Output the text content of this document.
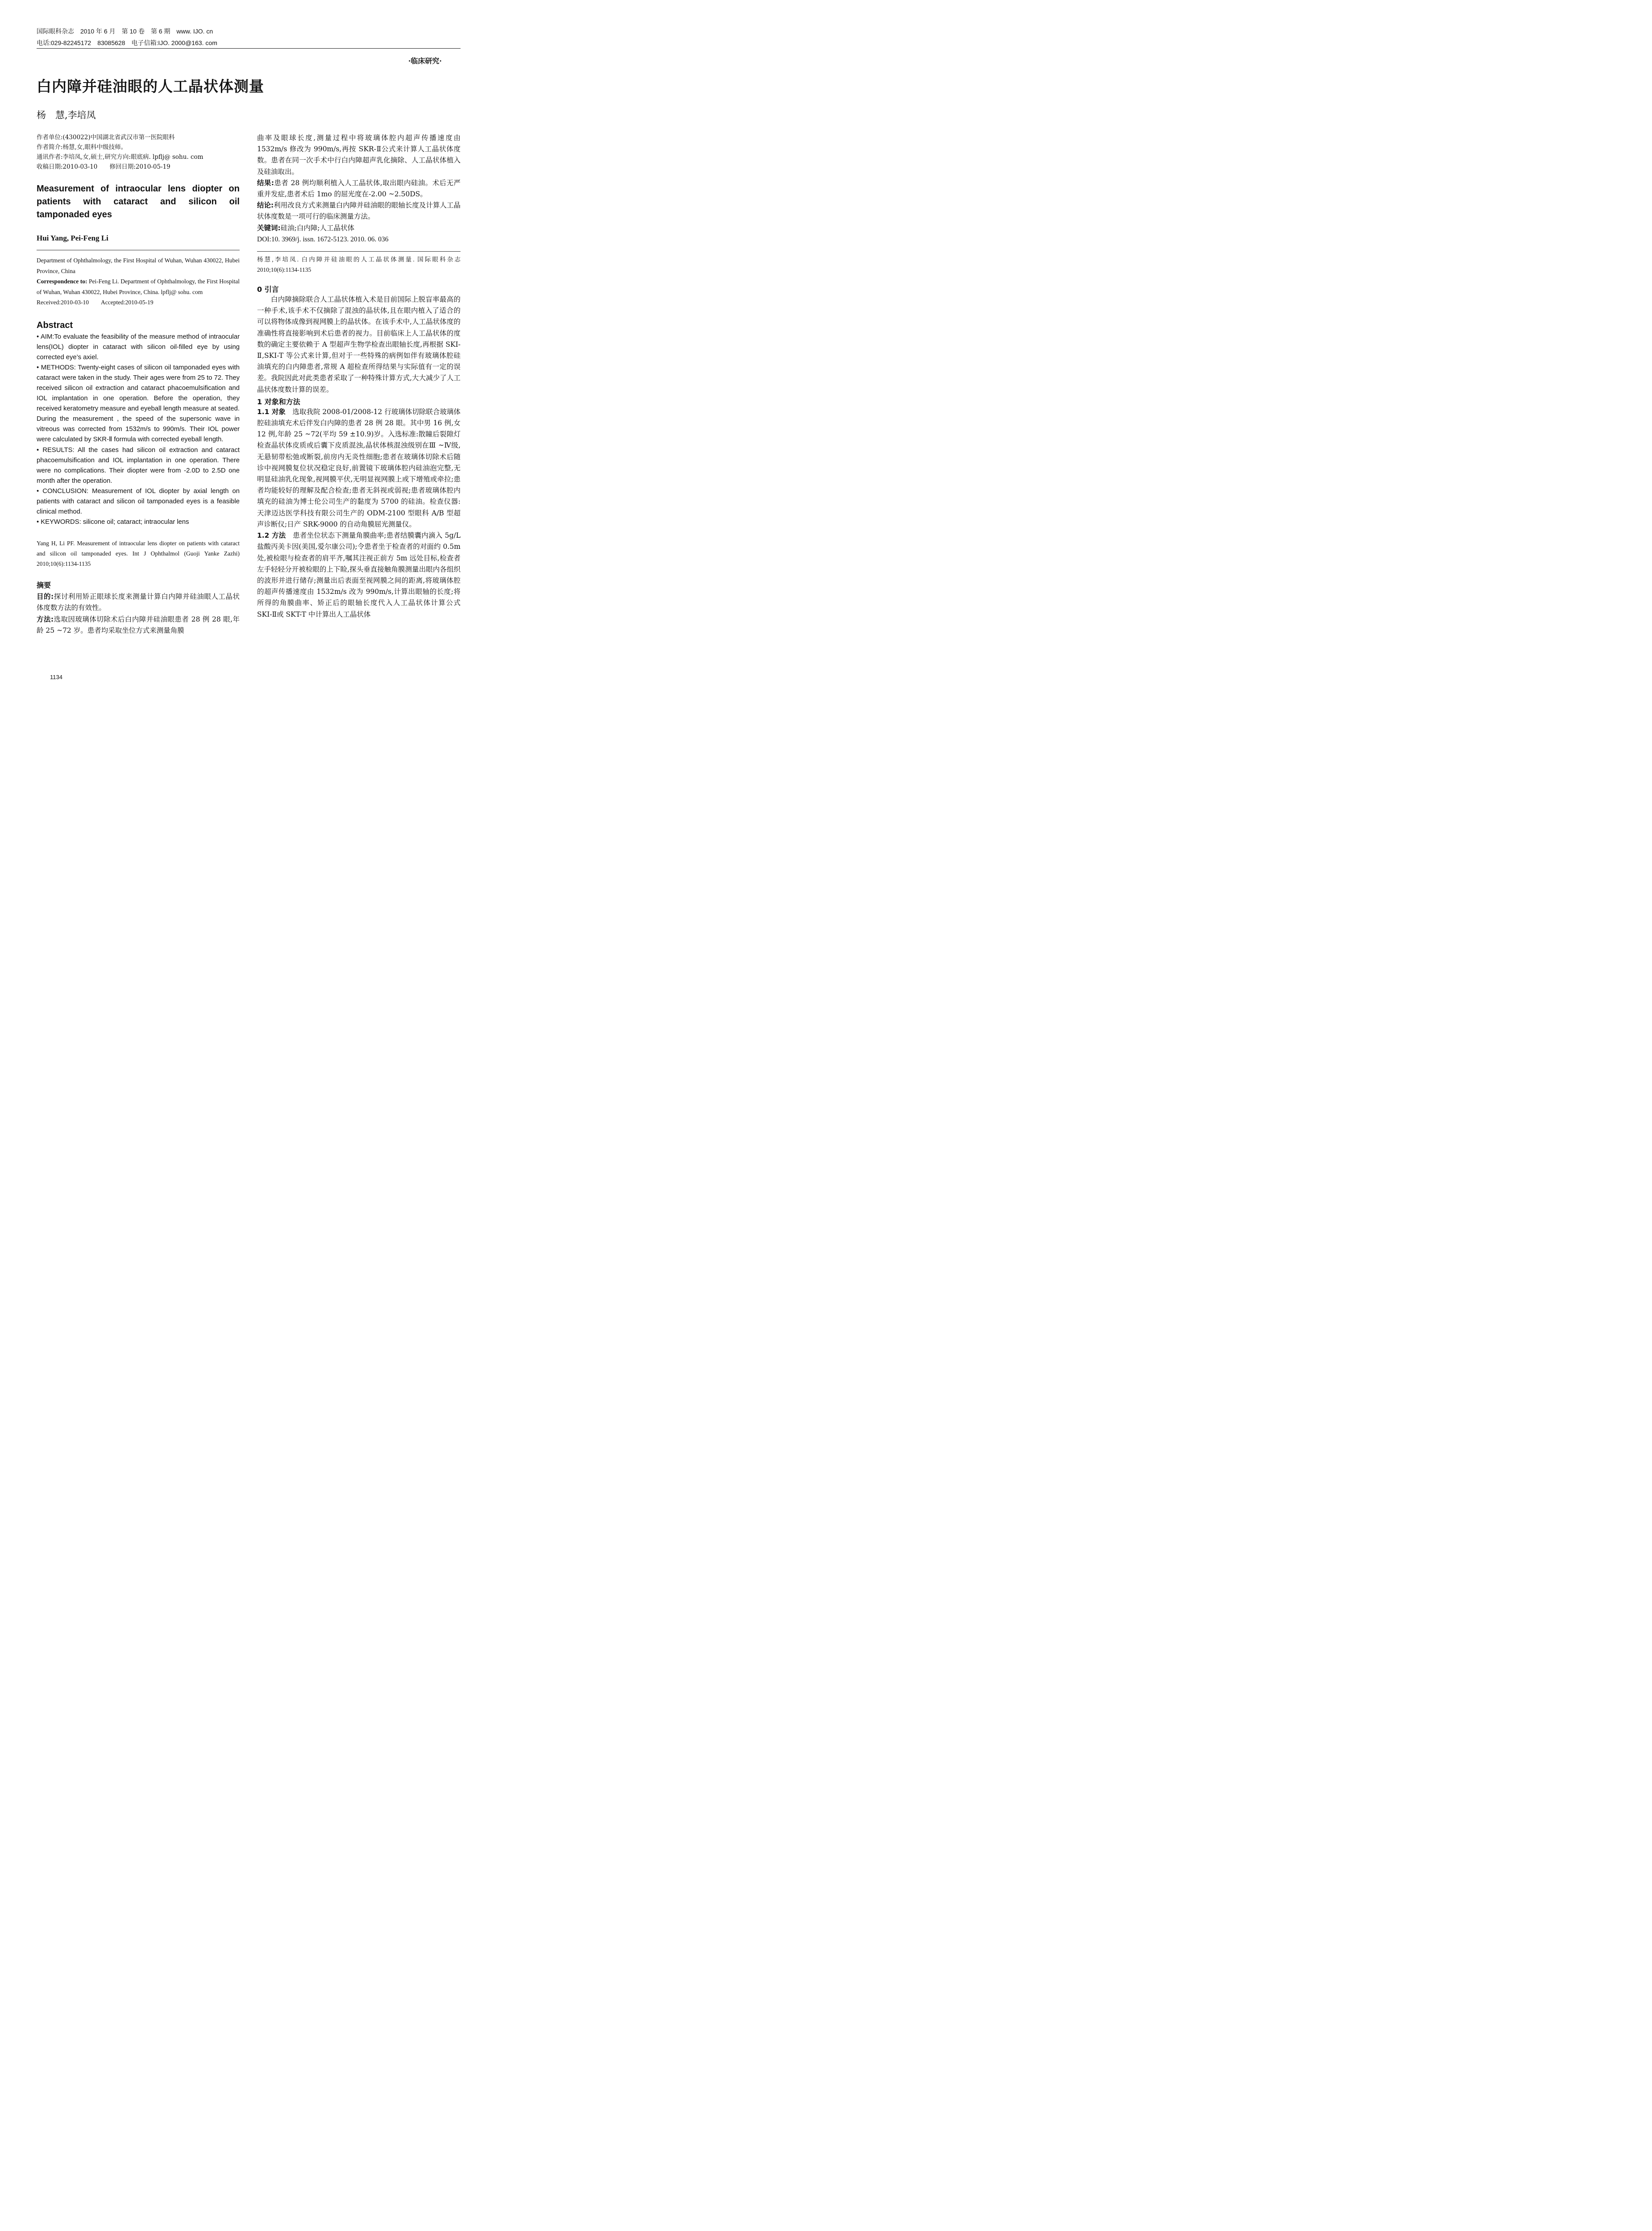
国际眼科杂志　2010 年 6 月　第 10 卷　第 6 期　www. IJO. cn
电话:029-82245172　83085628　电子信箱:IJO. 2000@163. com
·临床研究·
白内障并硅油眼的人工晶状体测量
杨　慧,李培凤

作者单位:(430022)中国湖北省武汉市第一医院眼科

作者简介:杨慧,女,眼科中级技师。

通讯作者:李培凤,女,硕士,研究方向:眼底病. lpflj@ sohu. com

收稿日期:2010-03-10　　修回日期:2010-05-19

Measurement of intraocular lens diopter on patients with cataract and silicon oil tamponaded eyes

Hui Yang, Pei-Feng Li

Department of Ophthalmology, the First Hospital of Wuhan, Wuhan 430022, Hubei Province, China

Correspondence to: Pei-Feng Li. Department of Ophthalmology, the First Hospital of Wuhan, Wuhan 430022, Hubei Province, China. lpflj@ sohu. com

Received:2010-03-10　　Accepted:2010-05-19

Abstract

• AIM:To evaluate the feasibility of the measure method of intraocular lens(IOL) diopter in cataract with silicon oil-filled eye by using corrected eye’s axiel.

• METHODS: Twenty-eight cases of silicon oil tamponaded eyes with cataract were taken in the study. Their ages were from 25 to 72. They received silicon oil extraction and cataract phacoemulsification and IOL implantation in one operation. Before the operation, they received keratometry measure and eyeball length measure at seated. During the measurement , the speed of the supersonic wave in vitreous was corrected from 1532m/s to 990m/s. Their IOL power were calculated by SKR-Ⅱ formula with corrected eyeball length.

• RESULTS: All the cases had silicon oil extraction and cataract phacoemulsification and IOL implantation in one operation. There were no complications. Their diopter were from -2.0D to 2.5D one month after the operation.

• CONCLUSION: Measurement of IOL diopter by axial length on patients with cataract and silicon oil tamponaded eyes is a feasible clinical method.

• KEYWORDS: silicone oil; cataract; intraocular lens

Yang H, Li PF. Measurement of intraocular lens diopter on patients with cataract and silicon oil tamponaded eyes. Int J Ophthalmol (Guoji Yanke Zazhi) 2010;10(6):1134-1135

摘要

目的:探讨利用矫正眼球长度来测量计算白内障并硅油眼人工晶状体度数方法的有效性。

方法:选取因玻璃体切除术后白内障并硅油眼患者 28 例 28 眼,年龄 25 ~72 岁。患者均采取坐位方式来测量角膜

曲率及眼球长度,测量过程中将玻璃体腔内超声传播速度由 1532m/s 修改为 990m/s,再按 SKR-Ⅱ公式来计算人工晶状体度数。患者在同一次手术中行白内障超声乳化摘除、人工晶状体植入及硅油取出。

结果:患者 28 例均顺利植入人工晶状体,取出眼内硅油。术后无严重并发症,患者术后 1mo 的屈光度在-2.00 ~2.50DS。

结论:利用改良方式来测量白内障并硅油眼的眼轴长度及计算人工晶状体度数是一项可行的临床测量方法。

关键词:硅油;白内障;人工晶状体

DOI:10. 3969/j. issn. 1672-5123. 2010. 06. 036

杨慧,李培凤. 白内障并硅油眼的人工晶状体测量. 国际眼科杂志 2010;10(6):1134-1135

0 引言

白内障摘除联合人工晶状体植入术是目前国际上脱盲率最高的一种手术,该手术不仅摘除了混浊的晶状体,且在眼内植入了适合的可以将物体成像到视网膜上的晶状体。在该手术中,人工晶状体度的准确性将直接影响到术后患者的视力。目前临床上人工晶状体的度数的确定主要依赖于 A 型超声生物学检查出眼轴长度,再根据 SKI-Ⅱ,SKI-T 等公式来计算,但对于一些特殊的病例如伴有玻璃体腔硅油填充的白内障患者,常规 A 超检查所得结果与实际值有一定的误差。我院因此对此类患者采取了一种特殊计算方式,大大减少了人工晶状体度数计算的误差。

1 对象和方法

1.1 对象　选取我院 2008-01/2008-12 行玻璃体切除联合玻璃体腔硅油填充术后伴发白内障的患者 28 例 28 眼。其中男 16 例,女 12 例,年龄 25 ~72(平均 59 ±10.9)岁。入选标准:散瞳后裂隙灯检查晶状体皮质或后囊下皮质混浊,晶状体核混浊级别在Ⅲ ~Ⅳ级,无悬韧带松弛或断裂,前房内无炎性细胞;患者在玻璃体切除术后随诊中视网膜复位状况稳定良好,前置镜下玻璃体腔内硅油泡完整,无明显硅油乳化现象,视网膜平伏,无明显视网膜上或下增殖或牵拉;患者均能较好的理解及配合检查;患者无斜视或弱视;患者玻璃体腔内填充的硅油为博士伦公司生产的黏度为 5700 的硅油。检查仪器:天津迈达医学科技有限公司生产的 ODM-2100 型眼科 A/B 型超声诊断仪;日产 SRK-9000 的自动角膜屈光测量仪。

1.2 方法　患者坐位状态下测量角膜曲率;患者结膜囊内滴入 5g/L 盐酸丙美卡因(美国,爱尔康公司);令患者坐于检查者的对面约 0.5m 处,被检眼与检查者的肩平齐,嘱其注视正前方 5m 远处目标,检查者左手轻轻分开被检眼的上下睑,探头垂直接触角膜测量出眼内各组织的波形并进行储存;测量出后表面至视网膜之间的距离,将玻璃体腔的超声传播速度由 1532m/s 改为 990m/s,计算出眼轴的长度;将所得的角膜曲率、矫正后的眼轴长度代入人工晶状体计算公式 SKI-Ⅱ或 SKT-T 中计算出人工晶状体

1134
